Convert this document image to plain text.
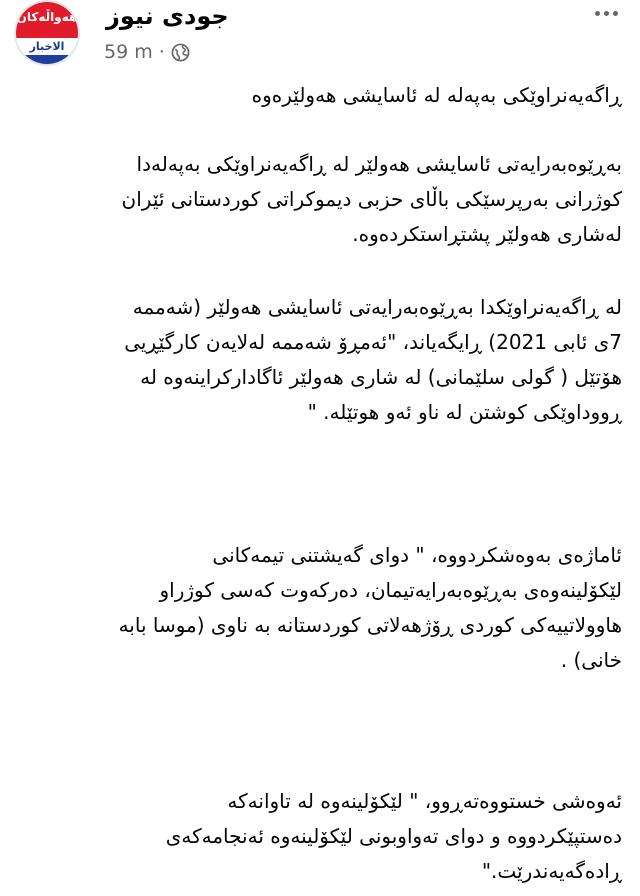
هەواڵەکان
الاخبار
جودی نیوز
59 m ·

ڕاگەیەنراوێکی بەپەلە لە ئاسایشی هەولێرەوە

بەڕێوەبەرایەتی ئاسایشی هەولێر لە ڕاگەیەنراوێکی بەپەلەدا
کوژرانی بەرپرسێکی باڵای حزبی دیموکراتی کوردستانی ئێران
لەشاری هەولێر پشتڕاستکردەوە.

لە ڕاگەیەنراوێکدا بەڕێوەبەرایەتی ئاسایشی هەولێر (شەممە
7ی ئابی 2021) ڕایگەیاند، "ئەمڕۆ شەممە لەلایەن کارگێڕیی
هۆتێل ( گولی سلێمانی) لە شاری هەولێر ئاگادارکراینەوە لە
ڕووداوێکی کوشتن لە ناو ئەو هوتێلە. "

ئاماژەی بەوەشکردووە، " دوای گەیشتنی تیمەکانی
لێکۆلینەوەی بەڕێوەبەرایەتیمان، دەرکەوت کەسی کوژراو
هاوولاتییەکی کوردی ڕۆژهەلاتی کوردستانە بە ناوی (موسا بابە
خانی) .

ئەوەشی خستووەتەڕوو، " لێکۆلینەوە لە تاوانەکە
دەستپێکردووە و دوای تەواوبونی لێکۆلینەوە ئەنجامەکەی
ڕادەگەیەندرێت."
